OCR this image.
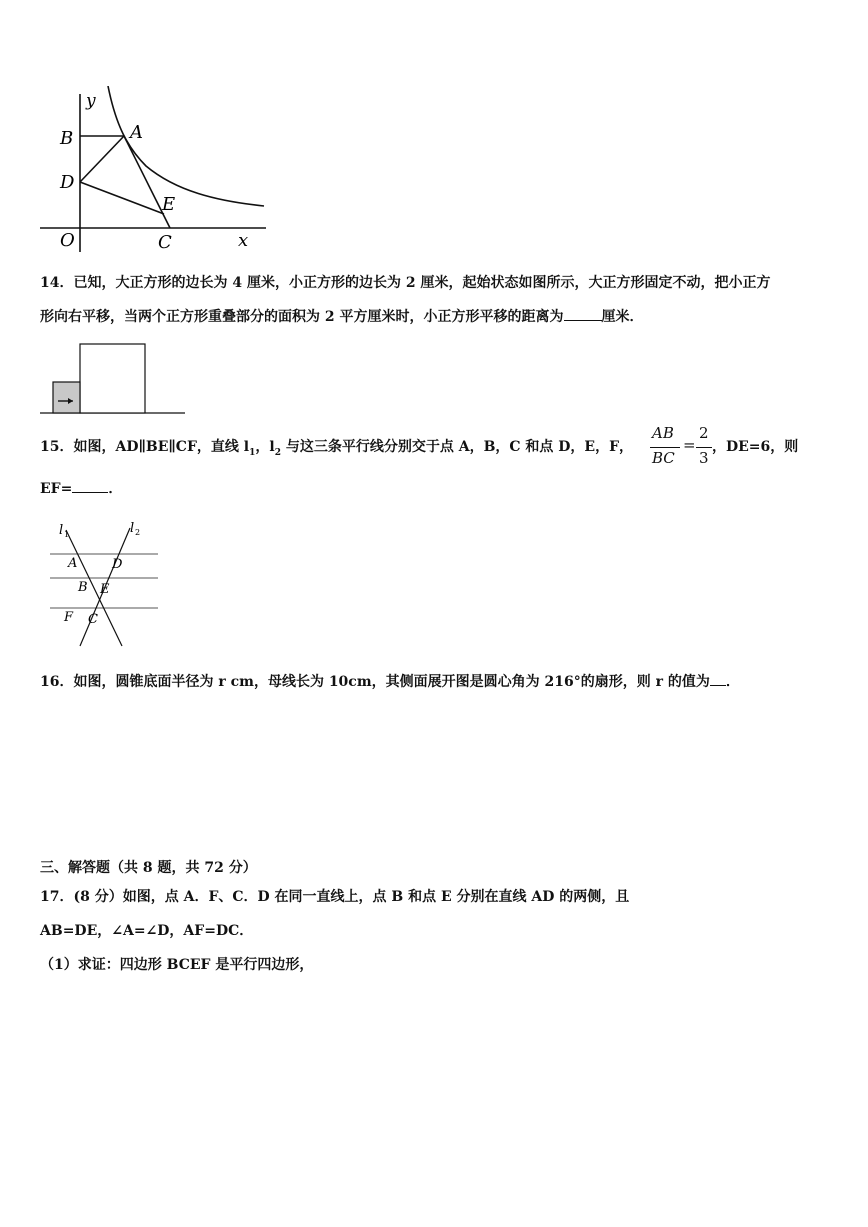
y
B	A
D
E
O	C	x
14．已知，大正方形的边长为 4 厘米，小正方形的边长为 2 厘米，起始状态如图所示，大正方形固定不动，把小正方
形向右平移，当两个正方形重叠部分的面积为 2 平方厘米时，小正方形平移的距离为	厘米．
15．如图，AD∥BE∥CF，直线 $l_1$，$l_2$ 与这三条平行线分别交于点 A，B，C 和点 D，E，F，
AB
BC
=
2
3
，DE=6，则
EF=	．
l 1	l 2
A	D
B E
F C
16．如图，圆锥底面半径为 r cm，母线长为 10cm，其侧面展开图是圆心角为 216°的扇形，则 r 的值为 ．
三、解答题（共 8 题，共 72 分）
17．(8 分）如图，点 A．F、C．D 在同一直线上，点 B 和点 E 分别在直线 AD 的两侧，且
AB=DE，∠A=∠D，AF=DC．
（1）求证：四边形 BCEF 是平行四边形，
